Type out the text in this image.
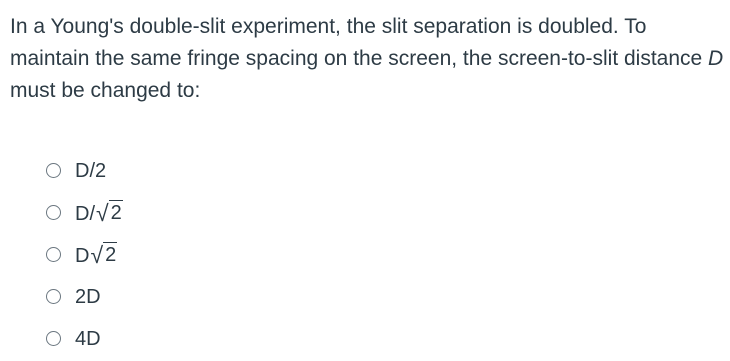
In a Young's double-slit experiment, the slit separation is doubled. To maintain the same fringe spacing on the screen, the screen-to-slit distance D must be changed to:
D/2
D/ √ 2
D √ 2
2D
4D
